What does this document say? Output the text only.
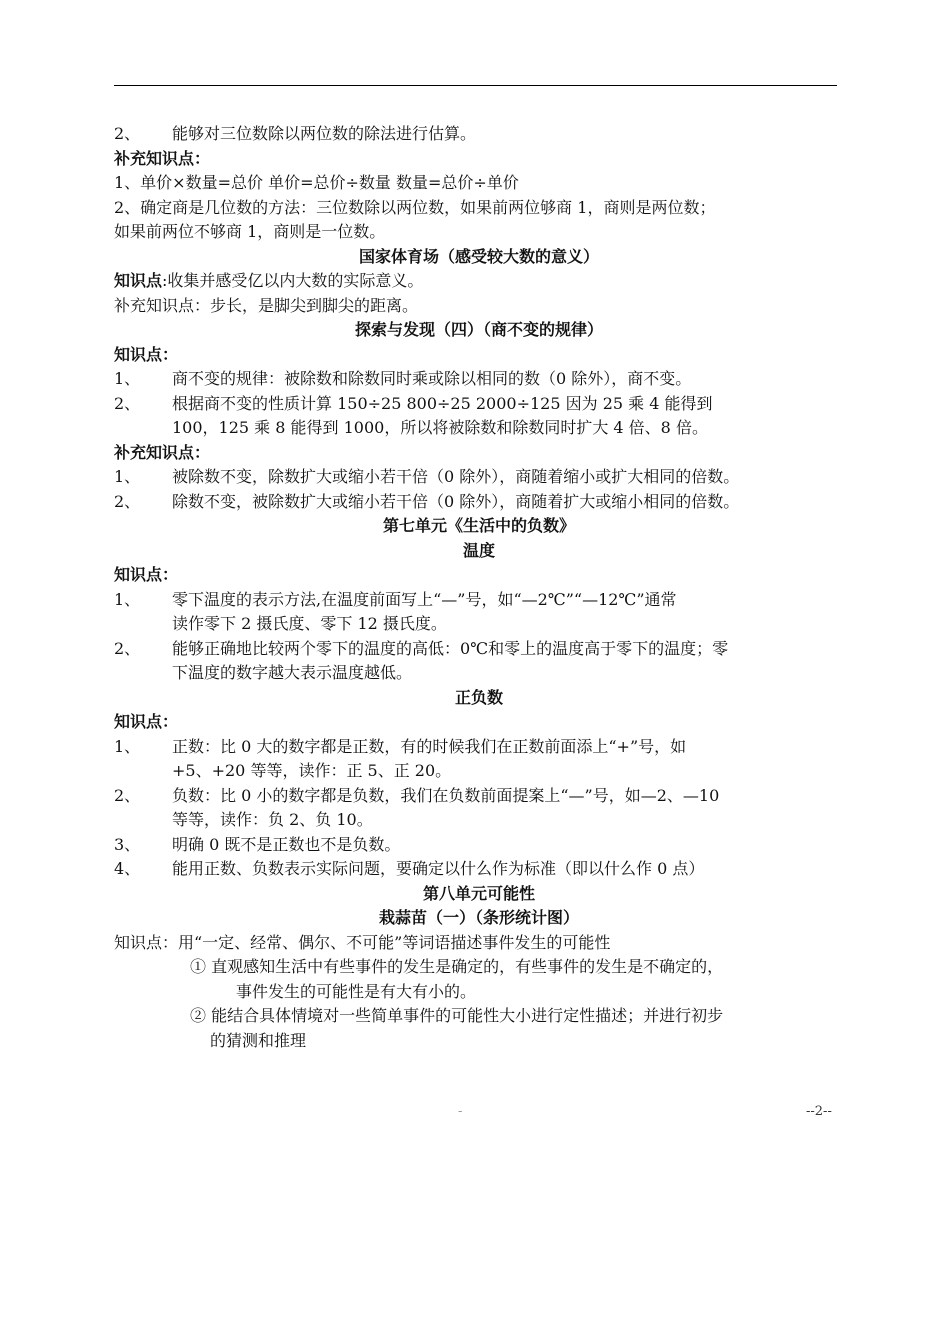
2、	能够对三位数除以两位数的除法进行估算。
补充知识点：
1、单价×数量=总价 单价=总价÷数量 数量=总价÷单价
2、确定商是几位数的方法：三位数除以两位数，如果前两位够商 1，商则是两位数；
如果前两位不够商 1，商则是一位数。
国家体育场（感受较大数的意义）
知识点:收集并感受亿以内大数的实际意义。
补充知识点：步长，是脚尖到脚尖的距离。
探索与发现（四）（商不变的规律）
知识点：
1、	商不变的规律：被除数和除数同时乘或除以相同的数（0 除外），商不变。
2、	根据商不变的性质计算 150÷25 800÷25 2000÷125 因为 25 乘 4 能得到
100，125 乘 8 能得到 1000，所以将被除数和除数同时扩大 4 倍、8 倍。
补充知识点：
1、	被除数不变，除数扩大或缩小若干倍（0 除外），商随着缩小或扩大相同的倍数。
2、	除数不变，被除数扩大或缩小若干倍（0 除外），商随着扩大或缩小相同的倍数。
第七单元《生活中的负数》
温度
知识点：
1、	零下温度的表示方法,在温度前面写上“—”号，如“—2℃”“—12℃”通常
读作零下 2 摄氏度、零下 12 摄氏度。
2、	能够正确地比较两个零下的温度的高低：0℃和零上的温度高于零下的温度；零
下温度的数字越大表示温度越低。
正负数
知识点：
1、	正数：比 0 大的数字都是正数，有的时候我们在正数前面添上“+”号，如
+5、+20 等等，读作：正 5、正 20。
2、	负数：比 0 小的数字都是负数，我们在负数前面提案上“—”号，如—2、—10
等等，读作：负 2、负 10。
3、	明确 0 既不是正数也不是负数。
4、	能用正数、负数表示实际问题，要确定以什么作为标准（即以什么作 0 点）
第八单元可能性
栽蒜苗（一）（条形统计图）
知识点：用“一定、经常、偶尔、不可能”等词语描述事件发生的可能性
① 直观感知生活中有些事件的发生是确定的，有些事件的发生是不确定的，
事件发生的可能性是有大有小的。
② 能结合具体情境对一些简单事件的可能性大小进行定性描述；并进行初步
的猜测和推理
-	--2--
